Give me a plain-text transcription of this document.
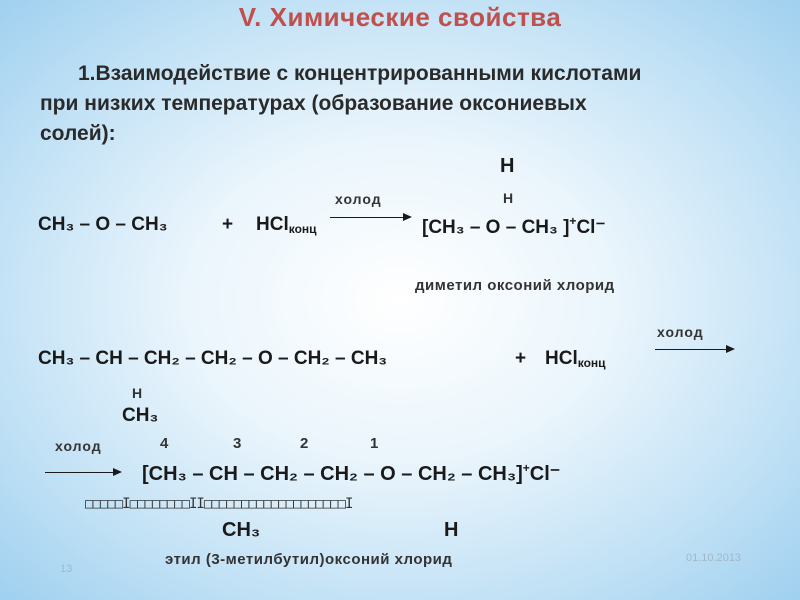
V. Химические свойства
1.Взаимодействие с концентрированными кислотами
при низких температурах (образование оксониевых
солей):
H
H
холод
CH₃ – O – CH₃	+ HCl$_{конц}$	[CH₃ – O – CH₃ ]+Cl⁻
диметил оксоний хлорид
холод
CH₃ – CH – CH₂ – CH₂ – O – CH₂ – CH₃	+ HCl$_{конц}$
H
CH₃
холод	4	3	2	1
[CH₃ – CH – CH₂ – CH₂ – O – CH₂ – CH₃]+Cl⁻
□□□□□І□□□□□□□□ІІ□□□□□□□□□□□□□□□□□□□І
CH₃	H
этил (3-метилбутил)оксоний хлорид
13
01.10.2013
